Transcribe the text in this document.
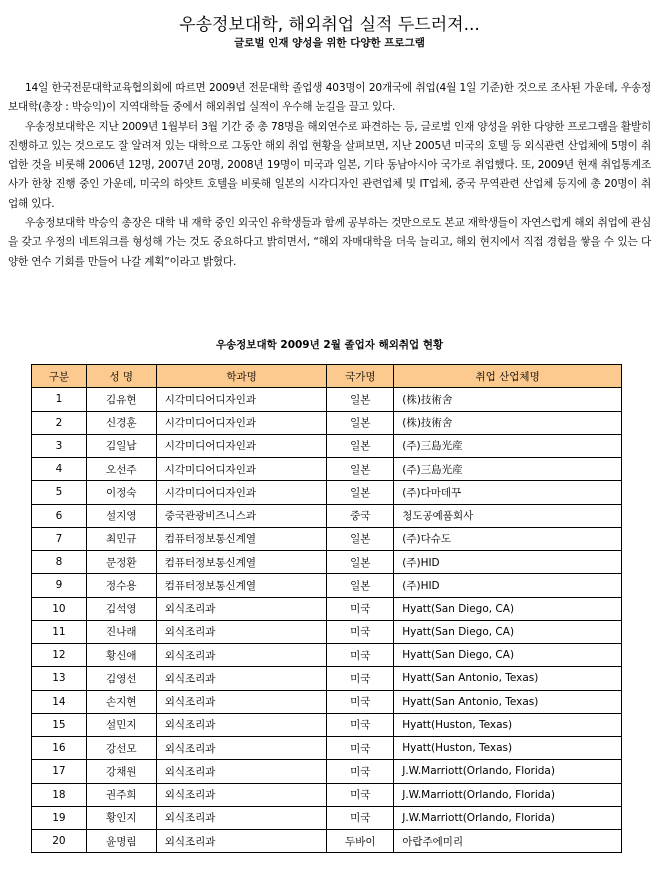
우송정보대학, 해외취업 실적 두드러져...
글로벌 인재 양성을 위한 다양한 프로그램

14일 한국전문대학교육협의회에 따르면 2009년 전문대학 졸업생 403명이 20개국에 취업(4월 1일 기준)한 것으로 조사된 가운데, 우송정보대학(총장 : 박승익)이 지역대학들 중에서 해외취업 실적이 우수해 눈길을 끌고 있다.

우송정보대학은 지난 2009년 1월부터 3월 기간 중 총 78명을 해외연수로 파견하는 등, 글로벌 인재 양성을 위한 다양한 프로그램을 활발히 진행하고 있는 것으로도 잘 알려져 있는 대학으로 그동안 해외 취업 현황을 살펴보면, 지난 2005년 미국의 호텔 등 외식관련 산업체에 5명이 취업한 것을 비롯해 2006년 12명, 2007년 20명, 2008년 19명이 미국과 일본, 기타 동남아시아 국가로 취업했다. 또, 2009년 현재 취업통계조사가 한창 진행 중인 가운데, 미국의 하얏트 호텔을 비롯해 일본의 시각디자인 관련업체 및 IT업체, 중국 무역관련 산업체 등지에 총 20명이 취업해 있다.

우송정보대학 박승익 총장은 대학 내 재학 중인 외국인 유학생들과 함께 공부하는 것만으로도 본교 재학생들이 자연스럽게 해외 취업에 관심을 갖고 우정의 네트워크를 형성해 가는 것도 중요하다고 밝히면서, “해외 자매대학을 더욱 늘리고, 해외 현지에서 직접 경험을 쌓을 수 있는 다양한 연수 기회를 만들어 나갈 계획”이라고 밝혔다.

우송정보대학 2009년 2월 졸업자 해외취업 현황
구분	성 명	학과명	국가명	취업 산업체명
1	김유현	시각미디어디자인과	일본	(株)技術舍
2	신경훈	시각미디어디자인과	일본	(株)技術舍
3	김일남	시각미디어디자인과	일본	(주)三島光産
4	오선주	시각미디어디자인과	일본	(주)三島光産
5	이정숙	시각미디어디자인과	일본	(주)다마데꾸
6	설지영	중국관광비즈니스과	중국	청도공예품회사
7	최민규	컴퓨터정보통신계열	일본	(주)다슈도
8	문정환	컴퓨터정보통신계열	일본	(주)HID
9	정수용	컴퓨터정보통신계열	일본	(주)HID
10	김석영	외식조리과	미국	Hyatt(San Diego, CA)
11	진나래	외식조리과	미국	Hyatt(San Diego, CA)
12	황신애	외식조리과	미국	Hyatt(San Diego, CA)
13	김영선	외식조리과	미국	Hyatt(San Antonio, Texas)
14	손지현	외식조리과	미국	Hyatt(San Antonio, Texas)
15	설민지	외식조리과	미국	Hyatt(Huston, Texas)
16	강선모	외식조리과	미국	Hyatt(Huston, Texas)
17	강채원	외식조리과	미국	J.W.Marriott(Orlando, Florida)
18	권주희	외식조리과	미국	J.W.Marriott(Orlando, Florida)
19	황인지	외식조리과	미국	J.W.Marriott(Orlando, Florida)
20	윤명림	외식조리과	두바이	아랍주에미리
